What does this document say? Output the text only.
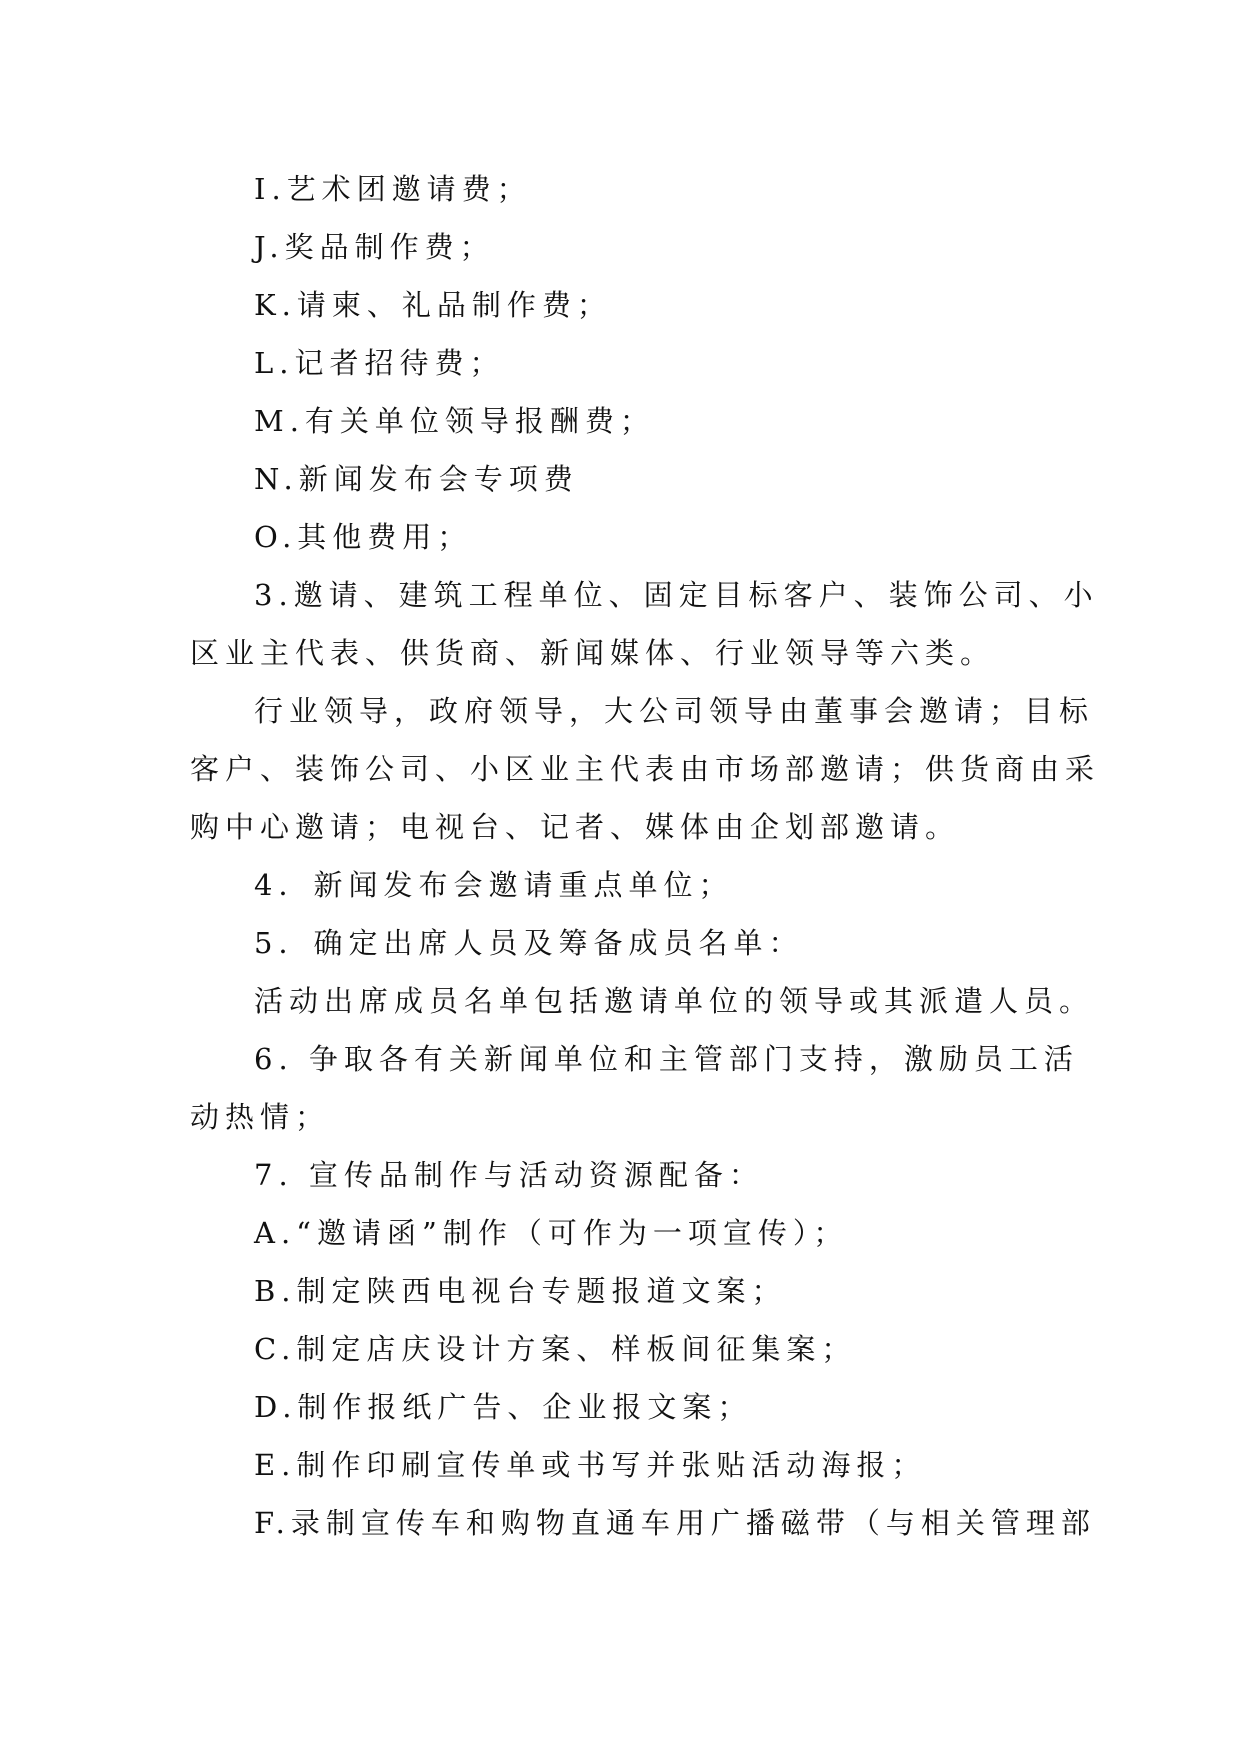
I.艺术团邀请费；
J.奖品制作费；
K.请柬、礼品制作费；
L.记者招待费；
M.有关单位领导报酬费；
N.新闻发布会专项费
O.其他费用；
3.邀请、建筑工程单位、固定目标客户、装饰公司、小
区业主代表、供货商、新闻媒体、行业领导等六类。
行业领导，政府领导，大公司领导由董事会邀请；目标
客户、装饰公司、小区业主代表由市场部邀请；供货商由采
购中心邀请；电视台、记者、媒体由企划部邀请。
4．新闻发布会邀请重点单位；
5．确定出席人员及筹备成员名单：
活动出席成员名单包括邀请单位的领导或其派遣人员。
6. 争取各有关新闻单位和主管部门支持，激励员工活
动热情；
7. 宣传品制作与活动资源配备：
A.“邀请函”制作（可作为一项宣传）；
B.制定陕西电视台专题报道文案；
C.制定店庆设计方案、样板间征集案；
D.制作报纸广告、企业报文案；
E.制作印刷宣传单或书写并张贴活动海报；
F.录制宣传车和购物直通车用广播磁带（与相关管理部
